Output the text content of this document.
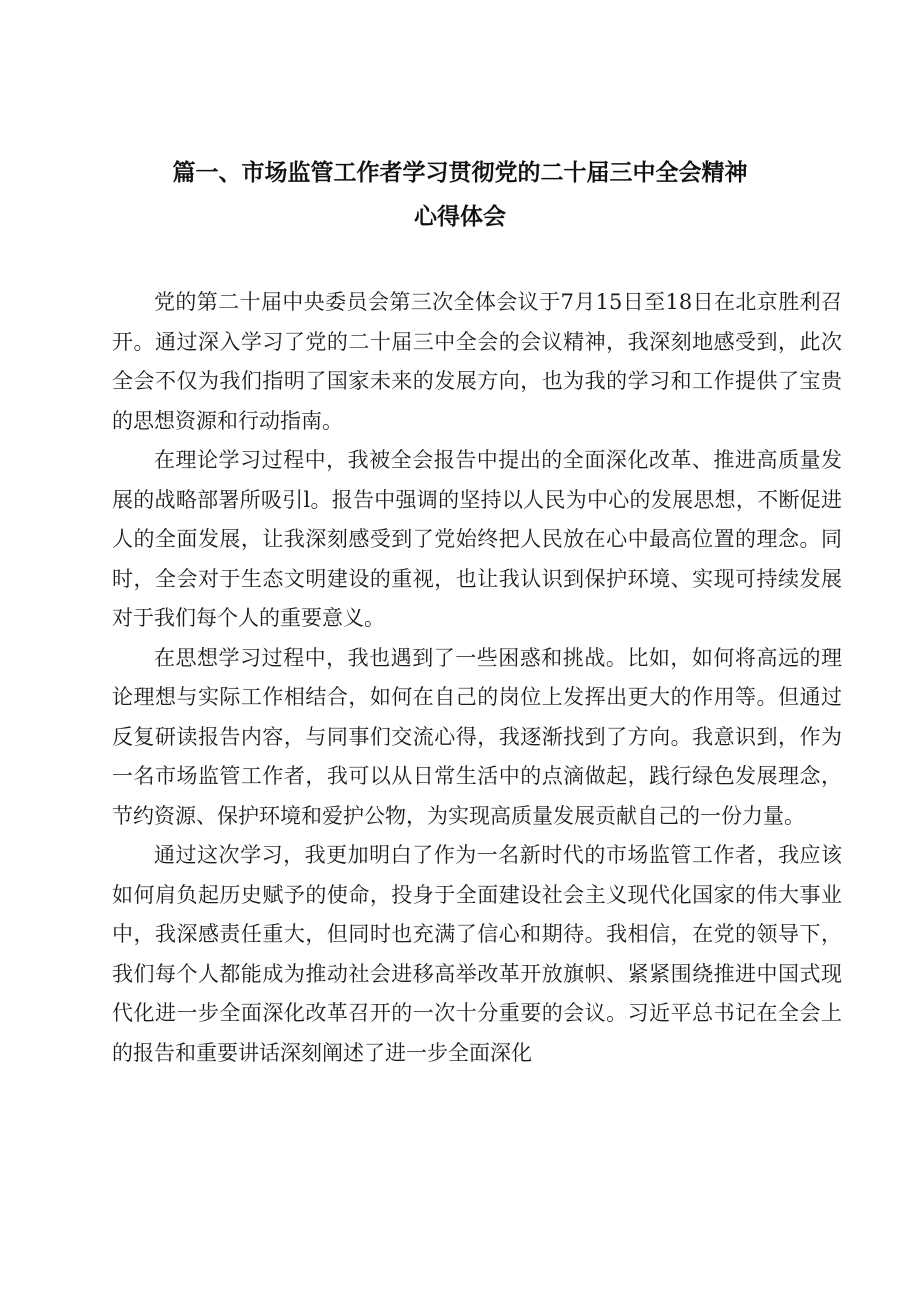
篇一、市场监管工作者学习贯彻党的二十届三中全会精神
心得体会

党的第二十届中央委员会第三次全体会议于7月15日至18日在北京胜利召开。通过深入学习了党的二十届三中全会的会议精神，我深刻地感受到，此次全会不仅为我们指明了国家未来的发展方向，也为我的学习和工作提供了宝贵的思想资源和行动指南。

在理论学习过程中，我被全会报告中提出的全面深化改革、推进高质量发展的战略部署所吸引l。报告中强调的坚持以人民为中心的发展思想，不断促进人的全面发展，让我深刻感受到了党始终把人民放在心中最高位置的理念。同时，全会对于生态文明建设的重视，也让我认识到保护环境、实现可持续发展对于我们每个人的重要意义。

在思想学习过程中，我也遇到了一些困惑和挑战。比如，如何将高远的理论理想与实际工作相结合，如何在自己的岗位上发挥出更大的作用等。但通过反复研读报告内容，与同事们交流心得，我逐渐找到了方向。我意识到，作为一名市场监管工作者，我可以从日常生活中的点滴做起，践行绿色发展理念，节约资源、保护环境和爱护公物，为实现高质量发展贡献自己的一份力量。

通过这次学习，我更加明白了作为一名新时代的市场监管工作者，我应该如何肩负起历史赋予的使命，投身于全面建设社会主义现代化国家的伟大事业中，我深感责任重大，但同时也充满了信心和期待。我相信，在党的领导下，我们每个人都能成为推动社会进移高举改革开放旗帜、紧紧围绕推进中国式现代化进一步全面深化改革召开的一次十分重要的会议。习近平总书记在全会上的报告和重要讲话深刻阐述了进一步全面深化
